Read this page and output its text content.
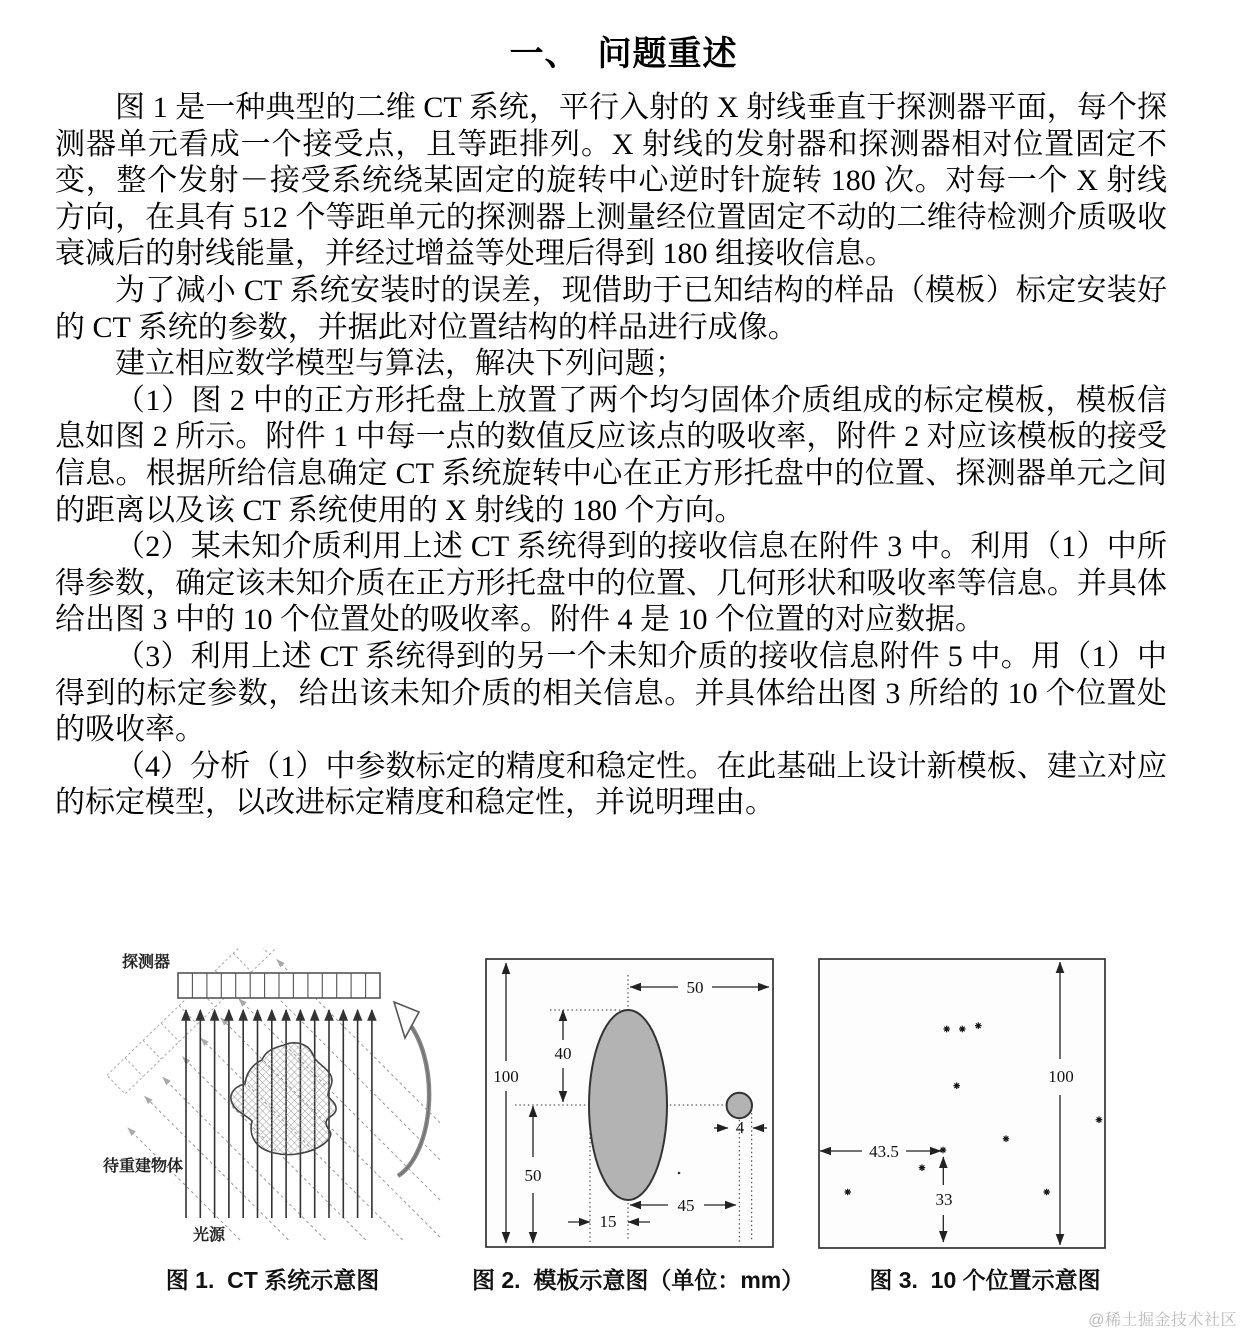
一、　问题重述

图 1 是一种典型的二维 CT 系统，平行入射的 X 射线垂直于探测器平面，每个探测器单元看成一个接受点，且等距排列。X 射线的发射器和探测器相对位置固定不变，整个发射－接受系统绕某固定的旋转中心逆时针旋转 180 次。对每一个 X 射线方向，在具有 512 个等距单元的探测器上测量经位置固定不动的二维待检测介质吸收衰减后的射线能量，并经过增益等处理后得到 180 组接收信息。

为了减小 CT 系统安装时的误差，现借助于已知结构的样品（模板）标定安装好的 CT 系统的参数，并据此对位置结构的样品进行成像。

建立相应数学模型与算法，解决下列问题；

（1）图 2 中的正方形托盘上放置了两个均匀固体介质组成的标定模板，模板信息如图 2 所示。附件 1 中每一点的数值反应该点的吸收率，附件 2 对应该模板的接受信息。根据所给信息确定 CT 系统旋转中心在正方形托盘中的位置、探测器单元之间的距离以及该 CT 系统使用的 X 射线的 180 个方向。

（2）某未知介质利用上述 CT 系统得到的接收信息在附件 3 中。利用（1）中所得参数，确定该未知介质在正方形托盘中的位置、几何形状和吸收率等信息。并具体给出图 3 中的 10 个位置处的吸收率。附件 4 是 10 个位置的对应数据。

（3）利用上述 CT 系统得到的另一个未知介质的接收信息附件 5 中。用（1）中得到的标定参数，给出该未知介质的相关信息。并具体给出图 3 所给的 10 个位置处的吸收率。

（4）分析（1）中参数标定的精度和稳定性。在此基础上设计新模板、建立对应的标定模型，以改进标定精度和稳定性，并说明理由。

探测器
待重建物体
光源
100
50
40
50
45
15
4
100
43.5
33
图 1.  CT 系统示意图	图 2.  模板示意图（单位：mm）	图 3.  10 个位置示意图
@稀土掘金技术社区
